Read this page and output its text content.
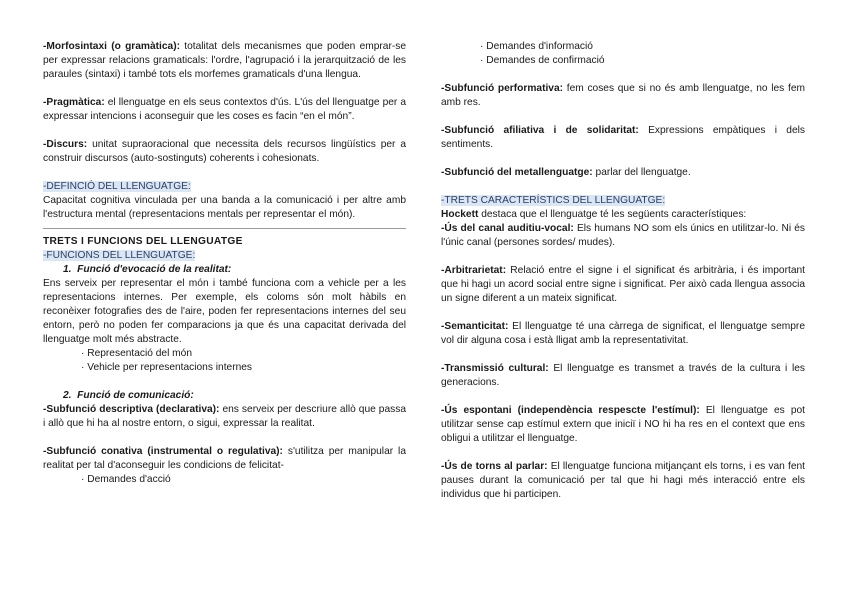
-Morfosintaxi (o gramàtica): totalitat dels mecanismes que poden emprar-se per expressar relacions gramaticals: l'ordre, l'agrupació i la jerarquització de les paraules (sintaxi) i també tots els morfemes gramaticals d'una llengua.

-Pragmàtica: el llenguatge en els seus contextos d'ús. L'ús del llenguatge per a expressar intencions i aconseguir que les coses es facin “en el món”.

-Discurs: unitat supraoracional que necessita dels recursos lingüístics per a construir discursos (auto-sostinguts) coherents i cohesionats.

-DEFINCIÓ DEL LLENGUATGE:

Capacitat cognitiva vinculada per una banda a la comunicació i per altre amb l'estructura mental (representacions mentals per representar el món).

TRETS I FUNCIONS DEL LLENGUATGE

-FUNCIONS DEL LLENGUATGE:

1. Funció d'evocació de la realitat:

Ens serveix per representar el món i també funciona com a vehicle per a les representacions internes. Per exemple, els coloms són molt hàbils en reconèixer fotografies des de l'aire, poden fer representacions internes del seu entorn, però no poden fer comparacions ja que és una capacitat derivada del llenguatge molt més abstracte.

· Representació del món

· Vehicle per representacions internes

2. Funció de comunicació:

-Subfunció descriptiva (declarativa): ens serveix per descriure allò que passa i allò que hi ha al nostre entorn, o sigui, expressar la realitat.

-Subfunció conativa (instrumental o regulativa): s'utilitza per manipular la realitat per tal d'aconseguir les condicions de felicitat-

· Demandes d'acció

· Demandes d'informació

· Demandes de confirmació

-Subfunció performativa: fem coses que si no és amb llenguatge, no les fem amb res.

-Subfunció afiliativa i de solidaritat: Expressions empàtiques i dels sentiments.

-Subfunció del metallenguatge: parlar del llenguatge.

-TRETS CARACTERÍSTICS DEL LLENGUATGE:

Hockett destaca que el llenguatge té les següents característiques:

-Ús del canal auditiu-vocal: Els humans NO som els únics en utilitzar-lo. Ni és l'únic canal (persones sordes/ mudes).

-Arbitrarietat: Relació entre el signe i el significat és arbitrària, i és important que hi hagi un acord social entre signe i significat. Per això cada llengua associa un signe diferent a un mateix significat.

-Semanticitat: El llenguatge té una càrrega de significat, el llenguatge sempre vol dir alguna cosa i està lligat amb la representativitat.

-Transmissió cultural: El llenguatge es transmet a través de la cultura i les generacions.

-Ús espontani (independència respescte l'estímul): El llenguatge es pot utilitzar sense cap estímul extern que iniciï i NO hi ha res en el context que ens obligui a utilitzar el llenguatge.

-Ús de torns al parlar: El llenguatge funciona mitjançant els torns, i es van fent pauses durant la comunicació per tal que hi hagi més interacció entre els individus que hi participen.
